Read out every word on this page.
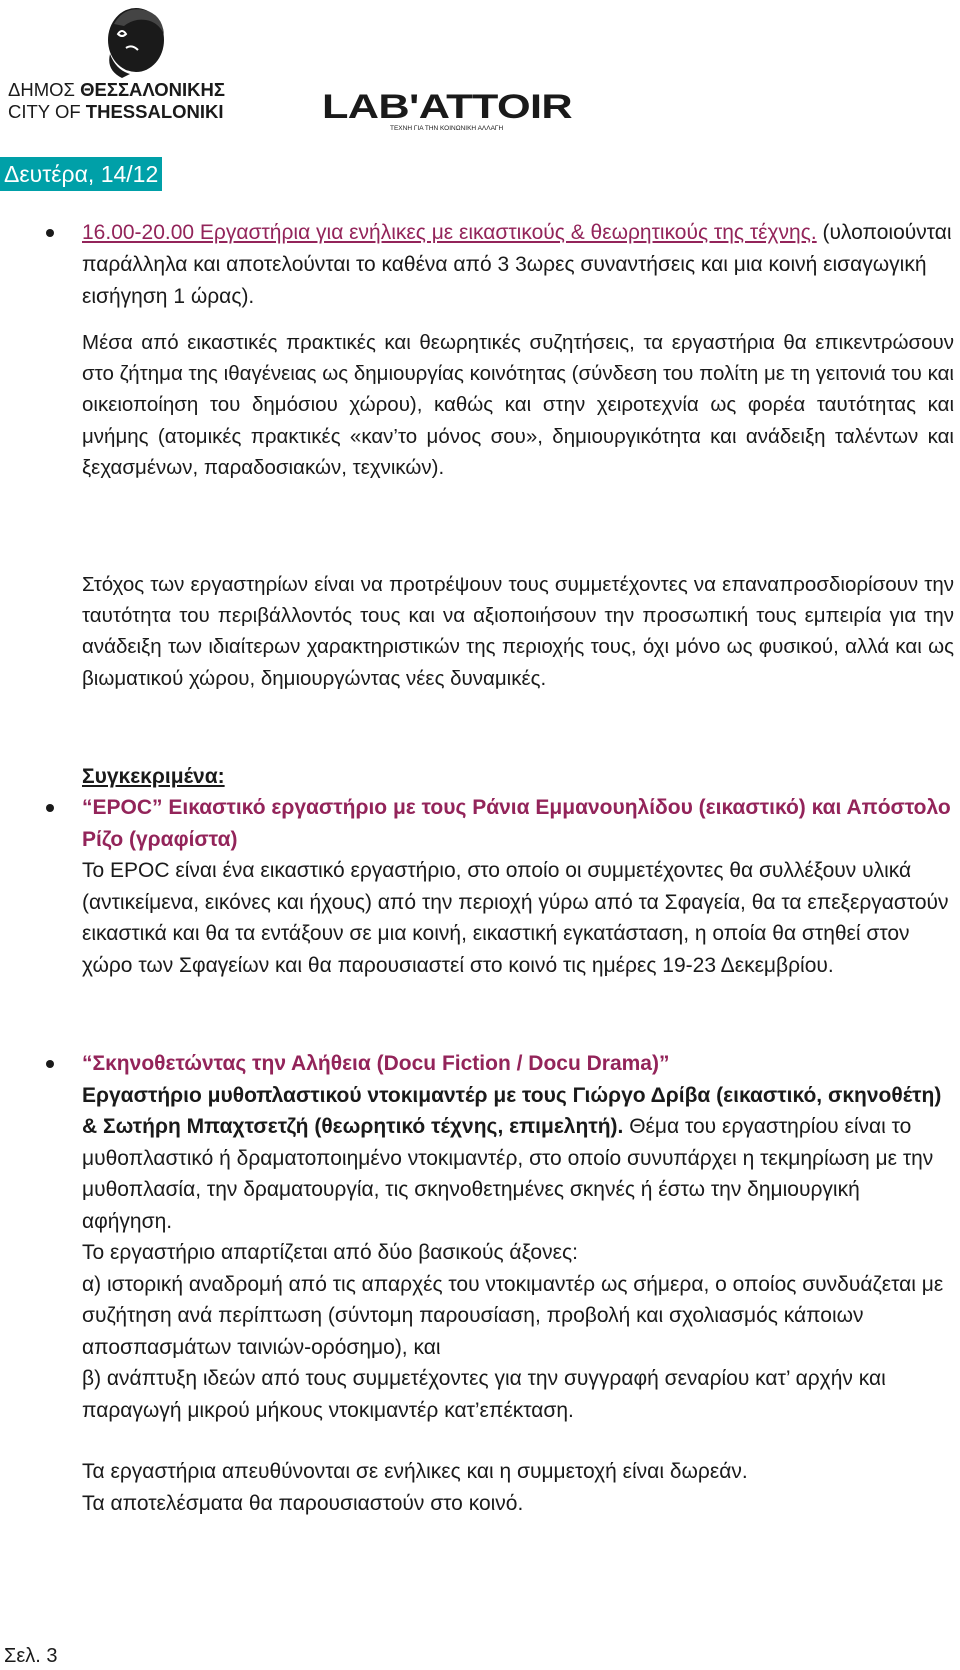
ΔΗΜΟΣ ΘΕΣΣΑΛΟΝΙΚΗΣ
CITY OF THESSALONIKI	LAB'ATTOIR
ΤΕΧΝΗ ΓΙΑ ΤΗΝ ΚΟΙΝΩΝΙΚΗ ΑΛΛΑΓΗ
Δευτέρα, 14/12
16.00-20.00 Εργαστήρια για ενήλικες με εικαστικούς & θεωρητικούς της τέχνης. (υλοποιούνται παράλληλα και αποτελούνται το καθένα από 3 3ωρες συναντήσεις και μια κοινή εισαγωγική εισήγηση 1 ώρας).
Μέσα από εικαστικές πρακτικές και θεωρητικές συζητήσεις, τα εργαστήρια θα επικεντρώσουν στο ζήτημα της ιθαγένειας ως δημιουργίας κοινότητας (σύνδεση του πολίτη με τη γειτονιά του και οικειοποίηση του δημόσιου χώρου), καθώς και στην χειροτεχνία ως φορέα ταυτότητας και μνήμης (ατομικές πρακτικές «καν’το μόνος σου», δημιουργικότητα και ανάδειξη ταλέντων και ξεχασμένων, παραδοσιακών, τεχνικών).
Στόχος των εργαστηρίων είναι να προτρέψουν τους συμμετέχοντες να επαναπροσδιορίσουν την ταυτότητα του περιβάλλοντός τους και να αξιοποιήσουν την προσωπική τους εμπειρία για την ανάδειξη των ιδιαίτερων χαρακτηριστικών της περιοχής τους, όχι μόνο ως φυσικού, αλλά και ως βιωματικού χώρου, δημιουργώντας νέες δυναμικές.
Συγκεκριμένα:
“ΕΡΟC” Εικαστικό εργαστήριο με τους Ράνια Εμμανουηλίδου (εικαστικό) και Απόστολο Ρίζο (γραφίστα)
Το ΕΡΟC είναι ένα εικαστικό εργαστήριο, στο οποίο οι συμμετέχοντες θα συλλέξουν υλικά (αντικείμενα, εικόνες και ήχους) από την περιοχή γύρω από τα Σφαγεία, θα τα επεξεργαστούν εικαστικά και θα τα εντάξουν σε μια κοινή, εικαστική εγκατάσταση, η οποία θα στηθεί στον χώρο των Σφαγείων και θα παρουσιαστεί στο κοινό τις ημέρες 19-23 Δεκεμβρίου.
“Σκηνοθετώντας την Αλήθεια (Docu Fiction / Docu Drama)”
Εργαστήριο μυθοπλαστικού ντοκιμαντέρ με τους Γιώργο Δρίβα (εικαστικό, σκηνοθέτη) & Σωτήρη Μπαχτσετζή (θεωρητικό τέχνης, επιμελητή). Θέμα του εργαστηρίου είναι το μυθοπλαστικό ή δραματοποιημένο ντοκιμαντέρ, στο οποίο συνυπάρχει η τεκμηρίωση με την μυθοπλασία, την δραματουργία, τις σκηνοθετημένες σκηνές ή έστω την δημιουργική αφήγηση.
Το εργαστήριο απαρτίζεται από δύο βασικούς άξονες:
α) ιστορική αναδρομή από τις απαρχές του ντοκιμαντέρ ως σήμερα, ο οποίος συνδυάζεται με συζήτηση ανά περίπτωση (σύντομη παρουσίαση, προβολή και σχολιασμός κάποιων αποσπασμάτων ταινιών-ορόσημο), και
β) ανάπτυξη ιδεών από τους συμμετέχοντες για την συγγραφή σεναρίου κατ’ αρχήν και παραγωγή μικρού μήκους ντοκιμαντέρ κατ’επέκταση.
Τα εργαστήρια απευθύνονται σε ενήλικες και η συμμετοχή είναι δωρεάν.
Τα αποτελέσματα θα παρουσιαστούν στο κοινό.
Σελ. 3
